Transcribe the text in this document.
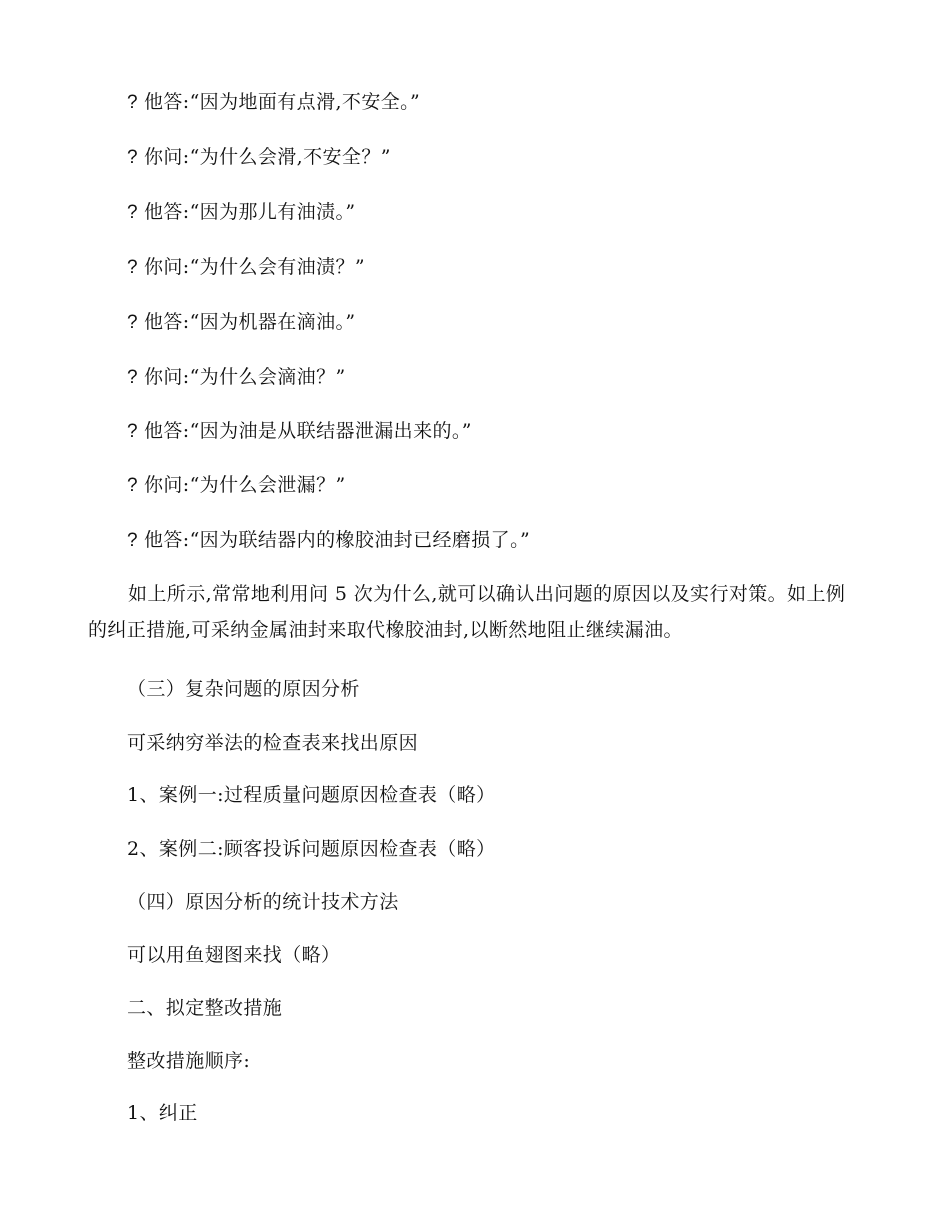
? 他答:“因为地面有点滑,不安全。”
? 你问:“为什么会滑,不安全？”
? 他答:“因为那儿有油渍。”
? 你问:“为什么会有油渍？”
? 他答:“因为机器在滴油。”
? 你问:“为什么会滴油？”
? 他答:“因为油是从联结器泄漏出来的。”
? 你问:“为什么会泄漏？”
? 他答:“因为联结器内的橡胶油封已经磨损了。”
如上所示,常常地利用问 5 次为什么,就可以确认出问题的原因以及实行对策。如上例的纠正措施,可采纳金属油封来取代橡胶油封,以断然地阻止继续漏油。
（三）复杂问题的原因分析
可采纳穷举法的检查表来找出原因
1、案例一:过程质量问题原因检查表（略）
2、案例二:顾客投诉问题原因检查表（略）
（四）原因分析的统计技术方法
可以用鱼翅图来找（略）
二、拟定整改措施
整改措施顺序:
1、纠正
